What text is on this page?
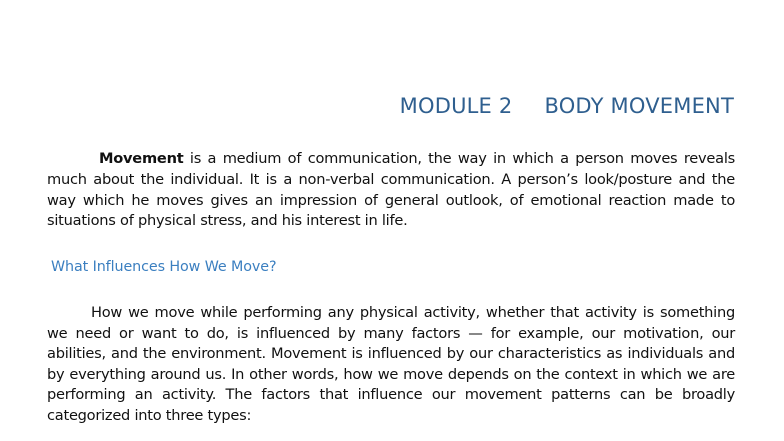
MODULE 2 BODY MOVEMENT

Movement is a medium of communication, the way in which a person moves reveals much about the individual. It is a non-verbal communication. A person’s look/posture and the way which he moves gives an impression of general outlook, of emotional reaction made to situations of physical stress, and his interest in life.

What Influences How We Move?

How we move while performing any physical activity, whether that activity is something we need or want to do, is influenced by many factors — for example, our motivation, our abilities, and the environment. Movement is influenced by our characteristics as individuals and by everything around us. In other words, how we move depends on the context in which we are performing an activity. The factors that influence our movement patterns can be broadly categorized into three types:
